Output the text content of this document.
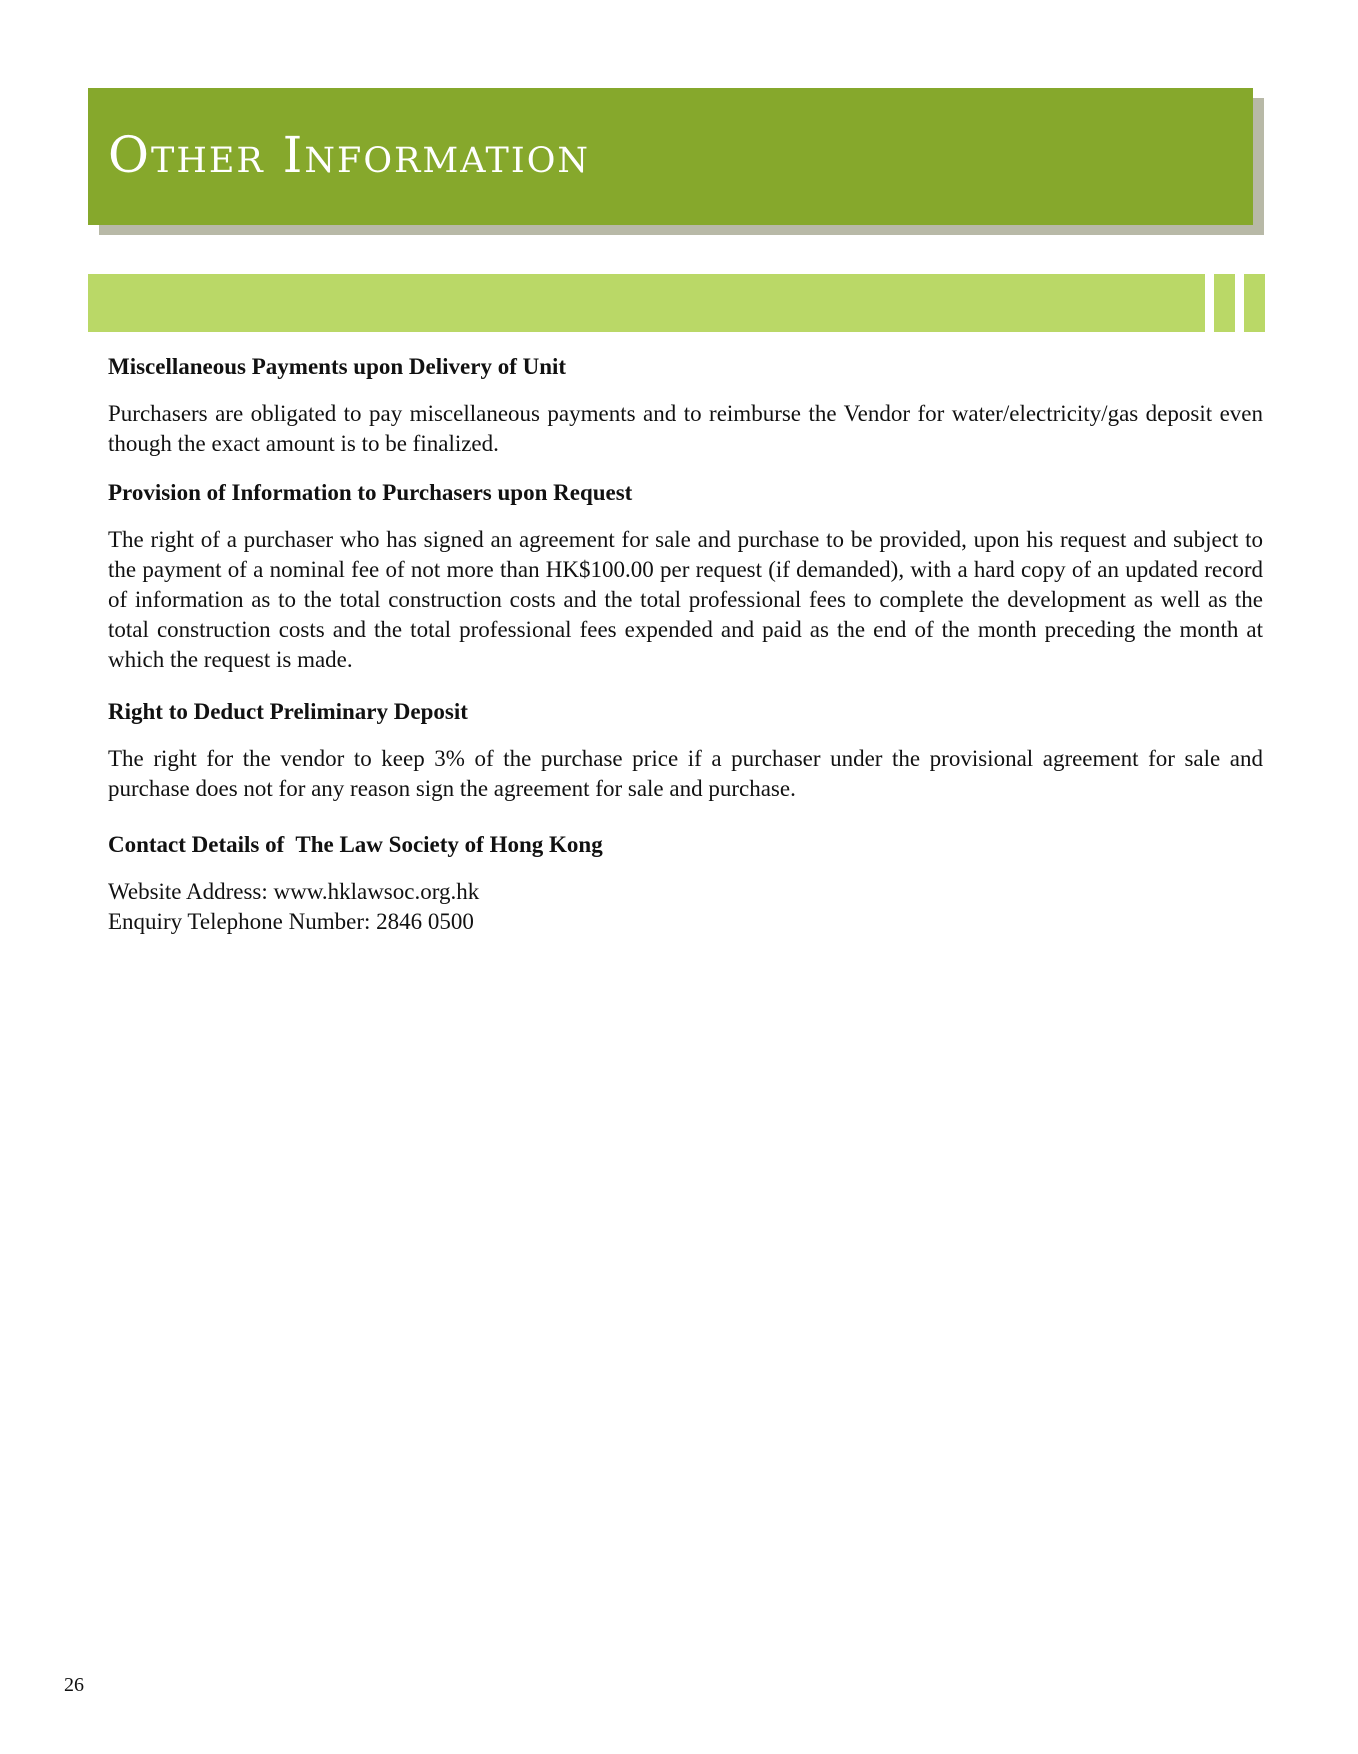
Other Information

Miscellaneous Payments upon Delivery of Unit

Purchasers are obligated to pay miscellaneous payments and to reimburse the Vendor for water/electricity/gas deposit even though the exact amount is to be finalized.

Provision of Information to Purchasers upon Request

The right of a purchaser who has signed an agreement for sale and purchase to be provided, upon his request and subject to the payment of a nominal fee of not more than HK$100.00 per request (if demanded), with a hard copy of an updated record of information as to the total construction costs and the total professional fees to complete the development as well as the total construction costs and the total professional fees expended and paid as the end of the month preceding the month at which the request is made.

Right to Deduct Preliminary Deposit

The right for the vendor to keep 3% of the purchase price if a purchaser under the provisional agreement for sale and purchase does not for any reason sign the agreement for sale and purchase.

Contact Details of  The Law Society of Hong Kong

Website Address: www.hklawsoc.org.hk
Enquiry Telephone Number: 2846 0500

26
